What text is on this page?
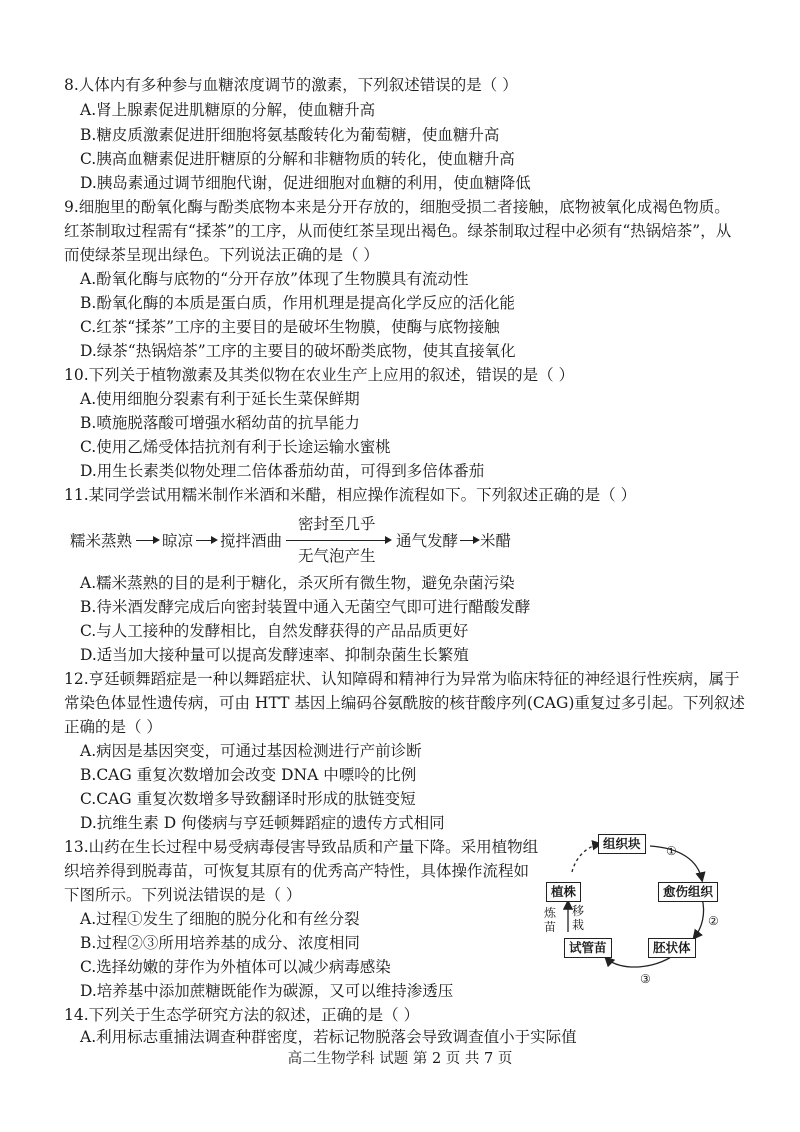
8.人体内有多种参与血糖浓度调节的激素，下列叙述错误的是（ ）
A.肾上腺素促进肌糖原的分解，使血糖升高
B.糖皮质激素促进肝细胞将氨基酸转化为葡萄糖，使血糖升高
C.胰高血糖素促进肝糖原的分解和非糖物质的转化，使血糖升高
D.胰岛素通过调节细胞代谢，促进细胞对血糖的利用，使血糖降低
9.细胞里的酚氧化酶与酚类底物本来是分开存放的，细胞受损二者接触，底物被氧化成褐色物质。
红茶制取过程需有“揉茶”的工序，从而使红茶呈现出褐色。绿茶制取过程中必须有“热锅焙茶”，从
而使绿茶呈现出绿色。下列说法正确的是（ ）
A.酚氧化酶与底物的“分开存放”体现了生物膜具有流动性
B.酚氧化酶的本质是蛋白质，作用机理是提高化学反应的活化能
C.红茶“揉茶”工序的主要目的是破坏生物膜，使酶与底物接触
D.绿茶“热锅焙茶”工序的主要目的破坏酚类底物，使其直接氧化
10.下列关于植物激素及其类似物在农业生产上应用的叙述，错误的是（ ）
A.使用细胞分裂素有利于延长生菜保鲜期
B.喷施脱落酸可增强水稻幼苗的抗旱能力
C.使用乙烯受体拮抗剂有利于长途运输水蜜桃
D.用生长素类似物处理二倍体番茄幼苗，可得到多倍体番茄
11.某同学尝试用糯米制作米酒和米醋，相应操作流程如下。下列叙述正确的是（ ）
糯米蒸熟 晾凉 搅拌酒曲
密封至几乎
无气泡产生
通气发酵 米醋
A.糯米蒸熟的目的是利于糖化，杀灭所有微生物，避免杂菌污染
B.待米酒发酵完成后向密封装置中通入无菌空气即可进行醋酸发酵
C.与人工接种的发酵相比，自然发酵获得的产品品质更好
D.适当加大接种量可以提高发酵速率、抑制杂菌生长繁殖
12.亨廷顿舞蹈症是一种以舞蹈症状、认知障碍和精神行为异常为临床特征的神经退行性疾病，属于
常染色体显性遗传病，可由 HTT 基因上编码谷氨酰胺的核苷酸序列(CAG)重复过多引起。下列叙述
正确的是（ ）
A.病因是基因突变，可通过基因检测进行产前诊断
B.CAG 重复次数增加会改变 DNA 中嘌呤的比例
C.CAG 重复次数增多导致翻译时形成的肽链变短
D.抗维生素 D 佝偻病与亨廷顿舞蹈症的遗传方式相同
13.山药在生长过程中易受病毒侵害导致品质和产量下降。采用植物组
织培养得到脱毒苗，可恢复其原有的优秀高产特性，具体操作流程如
下图所示。下列说法错误的是（ ）
A.过程①发生了细胞的脱分化和有丝分裂
B.过程②③所用培养基的成分、浓度相同
C.选择幼嫩的芽作为外植体可以减少病毒感染
D.培养基中添加蔗糖既能作为碳源，又可以维持渗透压
组织块
愈伤组织
胚状体
试管苗
植株
①
②
③
炼苗
移栽
14.下列关于生态学研究方法的叙述，正确的是（ ）
A.利用标志重捕法调查种群密度，若标记物脱落会导致调查值小于实际值
高二生物学科 试题 第 2 页 共 7 页
